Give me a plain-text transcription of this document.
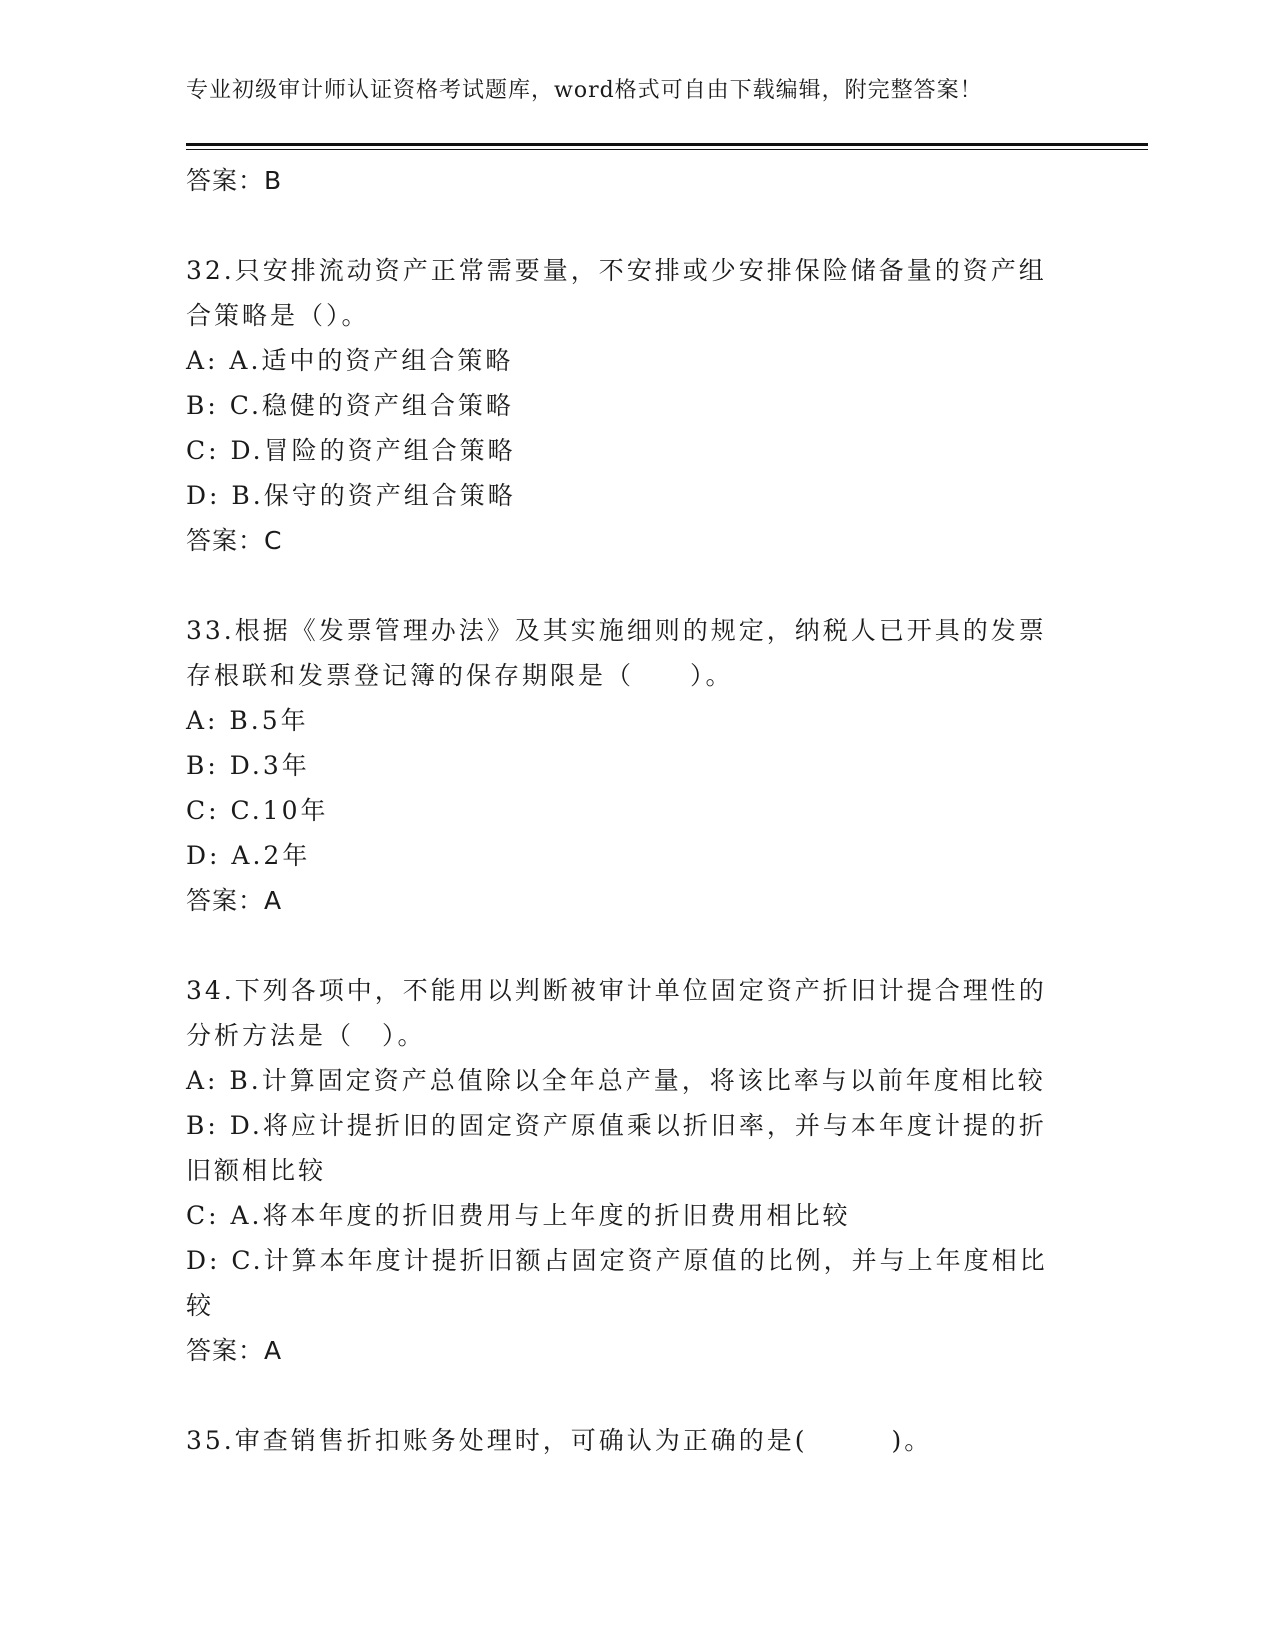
专业初级审计师认证资格考试题库，word格式可自由下载编辑，附完整答案！
答案：B
32.只安排流动资产正常需要量，不安排或少安排保险储备量的资产组合策略是（）。
A: A.适中的资产组合策略
B: C.稳健的资产组合策略
C: D.冒险的资产组合策略
D: B.保守的资产组合策略
答案：C
33.根据《发票管理办法》及其实施细则的规定，纳税人已开具的发票存根联和发票登记簿的保存期限是（　　）。
A: B.5年
B: D.3年
C: C.10年
D: A.2年
答案：A
34.下列各项中，不能用以判断被审计单位固定资产折旧计提合理性的分析方法是（　）。
A: B.计算固定资产总值除以全年总产量，将该比率与以前年度相比较
B: D.将应计提折旧的固定资产原值乘以折旧率，并与本年度计提的折旧额相比较
C: A.将本年度的折旧费用与上年度的折旧费用相比较
D: C.计算本年度计提折旧额占固定资产原值的比例，并与上年度相比较
答案：A
35.审查销售折扣账务处理时，可确认为正确的是(　　　)。
